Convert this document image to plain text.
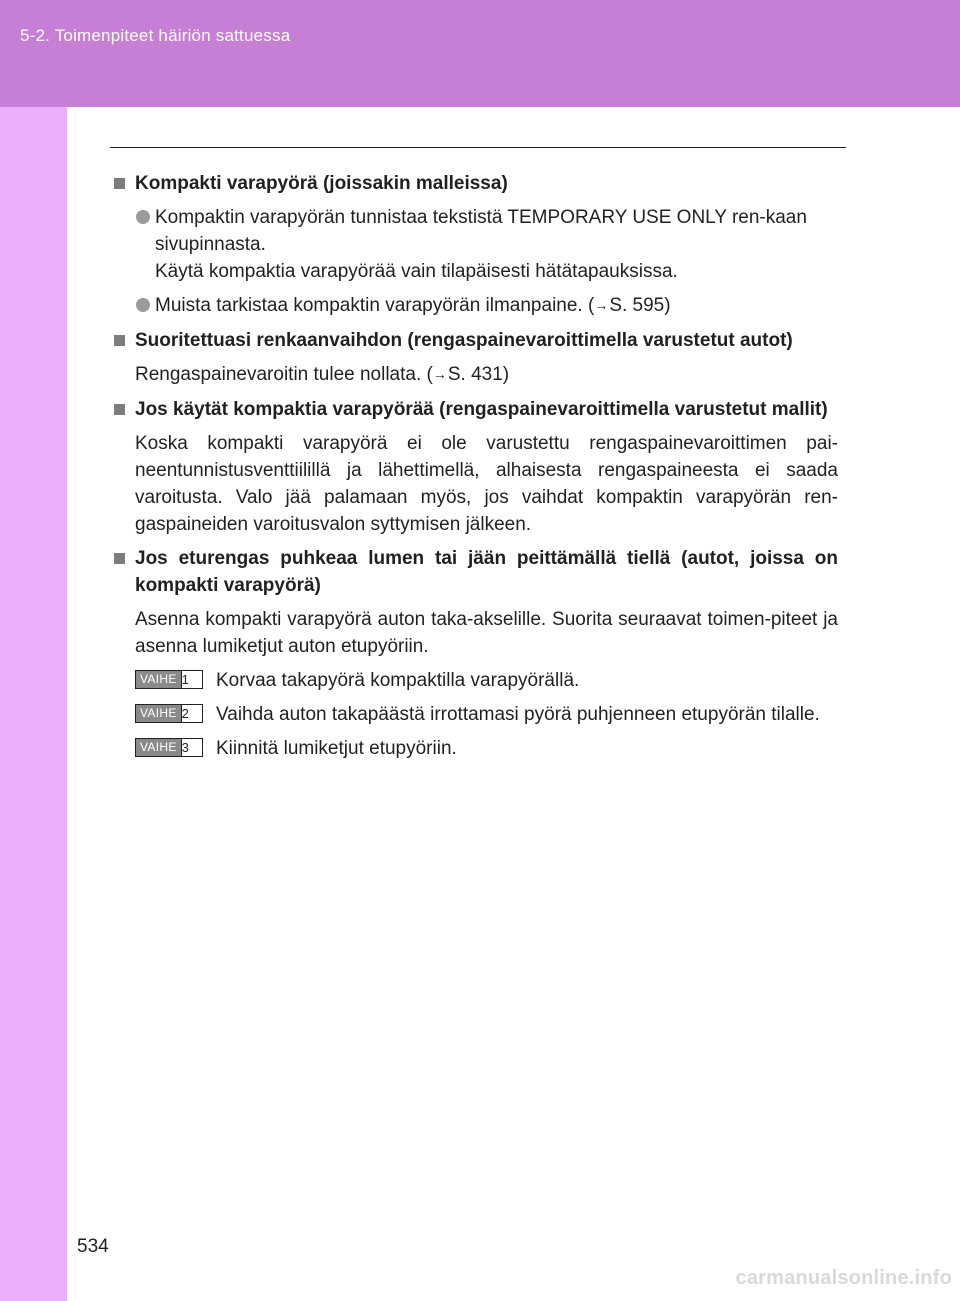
5-2. Toimenpiteet häiriön sattuessa
Kompakti varapyörä (joissakin malleissa)
Kompaktin varapyörän tunnistaa tekstistä TEMPORARY USE ONLY ren-kaan sivupinnasta.
Käytä kompaktia varapyörää vain tilapäisesti hätätapauksissa.
Muista tarkistaa kompaktin varapyörän ilmanpaine. (→S. 595)
Suoritettuasi renkaanvaihdon (rengaspainevaroittimella varustetut autot)
Rengaspainevaroitin tulee nollata. (→S. 431)
Jos käytät kompaktia varapyörää (rengaspainevaroittimella varustetut mallit)
Koska kompakti varapyörä ei ole varustettu rengaspainevaroittimen pai-neentunnistusventtiilillä ja lähettimellä, alhaisesta rengaspaineesta ei saada varoitusta. Valo jää palamaan myös, jos vaihdat kompaktin varapyörän ren-gaspaineiden varoitusvalon syttymisen jälkeen.
Jos eturengas puhkeaa lumen tai jään peittämällä tiellä (autot, joissa on kompakti varapyörä)
Asenna kompakti varapyörä auton taka-akselille. Suorita seuraavat toimen-piteet ja asenna lumiketjut auton etupyöriin.
VAIHE 1	Korvaa takapyörä kompaktilla varapyörällä.
VAIHE 2	Vaihda auton takapäästä irrottamasi pyörä puhjenneen etupyörän tilalle.
VAIHE 3	Kiinnitä lumiketjut etupyöriin.
534
carmanualsonline.info
